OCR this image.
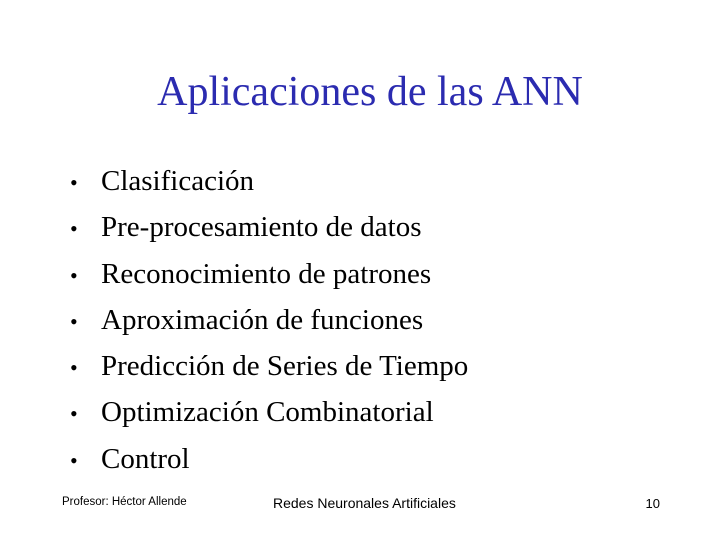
Aplicaciones de las ANN
• Clasificación
• Pre-procesamiento de datos
• Reconocimiento de patrones
• Aproximación de funciones
• Predicción de Series de Tiempo
• Optimización Combinatorial
• Control
Profesor: Héctor Allende	Redes Neuronales Artificiales	10
